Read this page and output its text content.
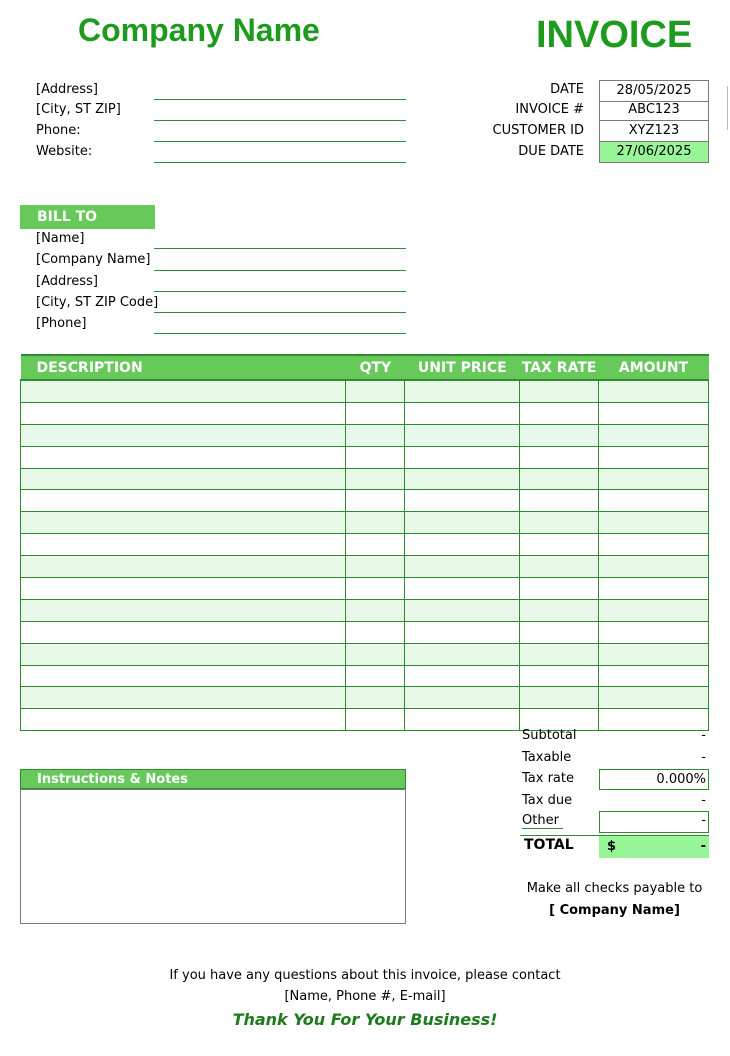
Company Name	INVOICE
[Address]
[City, ST ZIP]
Phone:
Website:
DATE	28/05/2025
INVOICE #	ABC123
CUSTOMER ID	XYZ123
DUE DATE	27/06/2025
BILL TO
[Name]
[Company Name]
[Address]
[City, ST ZIP Code]
[Phone]
DESCRIPTION	QTY	UNIT PRICE	TAX RATE	AMOUNT

Instructions & Notes
Subtotal	-
Taxable	-
Tax rate	0.000%
Tax due	-
Other	-
TOTAL	$	-
Make all checks payable to
[ Company Name]
If you have any questions about this invoice, please contact
[Name, Phone #, E-mail]
Thank You For Your Business!
